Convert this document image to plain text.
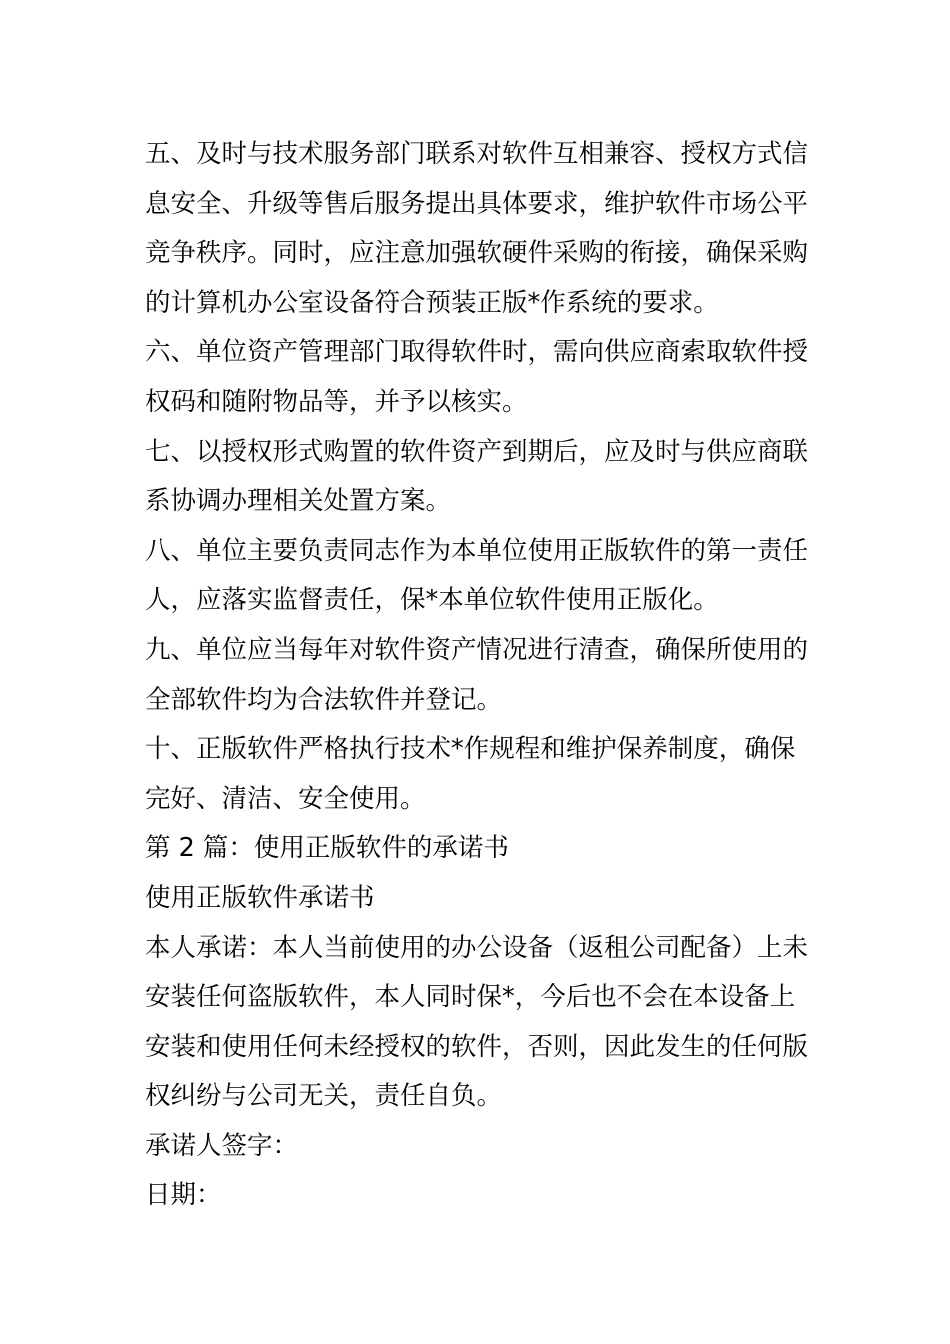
五、及时与技术服务部门联系对软件互相兼容、授权方式信息安全、升级等售后服务提出具体要求，维护软件市场公平竞争秩序。同时，应注意加强软硬件采购的衔接，确保采购的计算机办公室设备符合预装正版*作系统的要求。

六、单位资产管理部门取得软件时，需向供应商索取软件授权码和随附物品等，并予以核实。

七、以授权形式购置的软件资产到期后，应及时与供应商联系协调办理相关处置方案。

八、单位主要负责同志作为本单位使用正版软件的第一责任人，应落实监督责任，保*本单位软件使用正版化。

九、单位应当每年对软件资产情况进行清查，确保所使用的全部软件均为合法软件并登记。

十、正版软件严格执行技术*作规程和维护保养制度，确保完好、清洁、安全使用。

第 2 篇：使用正版软件的承诺书

使用正版软件承诺书

本人承诺：本人当前使用的办公设备（返租公司配备）上未安装任何盗版软件，本人同时保*，今后也不会在本设备上安装和使用任何未经授权的软件，否则，因此发生的任何版权纠纷与公司无关，责任自负。

承诺人签字：

日期：
